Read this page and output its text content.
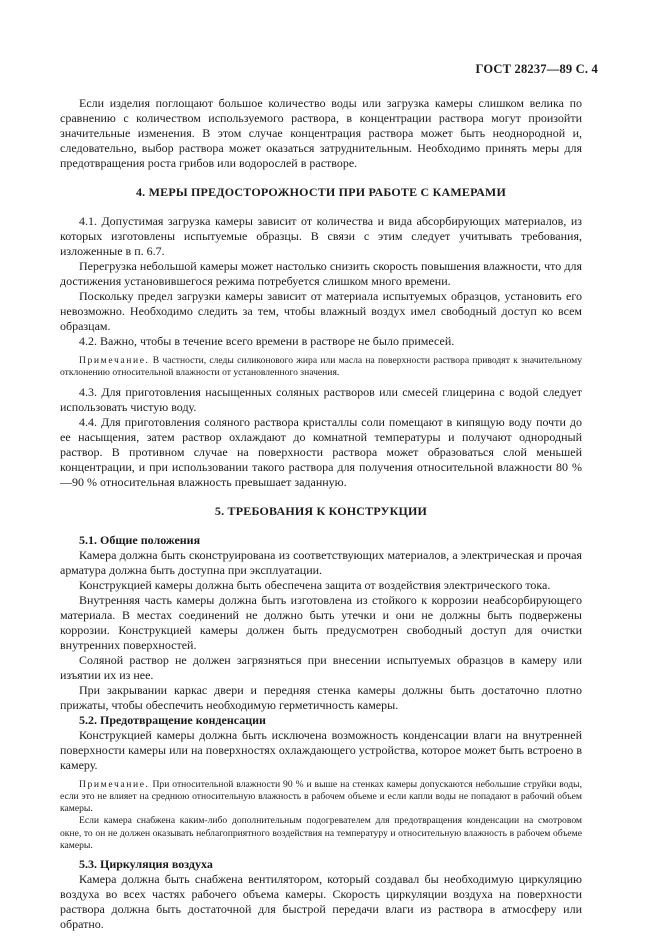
ГОСТ 28237—89 С. 4

Если изделия поглощают большое количество воды или загрузка камеры слишком велика по сравнению с количеством используемого раствора, в концентрации раствора могут произойти значительные изменения. В этом случае концентрация раствора может быть неоднородной и, следовательно, выбор раствора может оказаться затруднительным. Необходимо принять меры для предотвращения роста грибов или водорослей в растворе.

4. МЕРЫ ПРЕДОСТОРОЖНОСТИ ПРИ РАБОТЕ С КАМЕРАМИ

4.1. Допустимая загрузка камеры зависит от количества и вида абсорбирующих материалов, из которых изготовлены испытуемые образцы. В связи с этим следует учитывать требования, изложенные в п. 6.7.

Перегрузка небольшой камеры может настолько снизить скорость повышения влажности, что для достижения установившегося режима потребуется слишком много времени.

Поскольку предел загрузки камеры зависит от материала испытуемых образцов, установить его невозможно. Необходимо следить за тем, чтобы влажный воздух имел свободный доступ ко всем образцам.

4.2. Важно, чтобы в течение всего времени в растворе не было примесей.

Примечание. В частности, следы силиконового жира или масла на поверхности раствора приводят к значительному отклонению относительной влажности от установленного значения.

4.3. Для приготовления насыщенных соляных растворов или смесей глицерина с водой следует использовать чистую воду.

4.4. Для приготовления соляного раствора кристаллы соли помещают в кипящую воду почти до ее насыщения, затем раствор охлаждают до комнатной температуры и получают однородный раствор. В противном случае на поверхности раствора может образоваться слой меньшей концентрации, и при использовании такого раствора для получения относительной влажности 80 % —90 % относительная влажность превышает заданную.

5. ТРЕБОВАНИЯ К КОНСТРУКЦИИ
5.1. Общие положения

Камера должна быть сконструирована из соответствующих материалов, а электрическая и прочая арматура должна быть доступна при эксплуатации.

Конструкцией камеры должна быть обеспечена защита от воздействия электрического тока.

Внутренняя часть камеры должна быть изготовлена из стойкого к коррозии неабсорбирующего материала. В местах соединений не должно быть утечки и они не должны быть подвержены коррозии. Конструкцией камеры должен быть предусмотрен свободный доступ для очистки внутренних поверхностей.

Соляной раствор не должен загрязняться при внесении испытуемых образцов в камеру или изъятии их из нее.

При закрывании каркас двери и передняя стенка камеры должны быть достаточно плотно прижаты, чтобы обеспечить необходимую герметичность камеры.

5.2. Предотвращение конденсации

Конструкцией камеры должна быть исключена возможность конденсации влаги на внутренней поверхности камеры или на поверхностях охлаждающего устройства, которое может быть встроено в камеру.

Примечание. При относительной влажности 90 % и выше на стенках камеры допускаются небольшие струйки воды, если это не влияет на среднюю относительную влажность в рабочем объеме и если капли воды не попадают в рабочий объем камеры.

Если камера снабжена каким-либо дополнительным подогревателем для предотвращения конденсации на смотровом окне, то он не должен оказывать неблагоприятного воздействия на температуру и относительную влажность в рабочем объеме камеры.

5.3. Циркуляция воздуха

Камера должна быть снабжена вентилятором, который создавал бы необходимую циркуляцию воздуха во всех частях рабочего объема камеры. Скорость циркуляции воздуха на поверхности раствора должна быть достаточной для быстрой передачи влаги из раствора в атмосферу или обратно.
